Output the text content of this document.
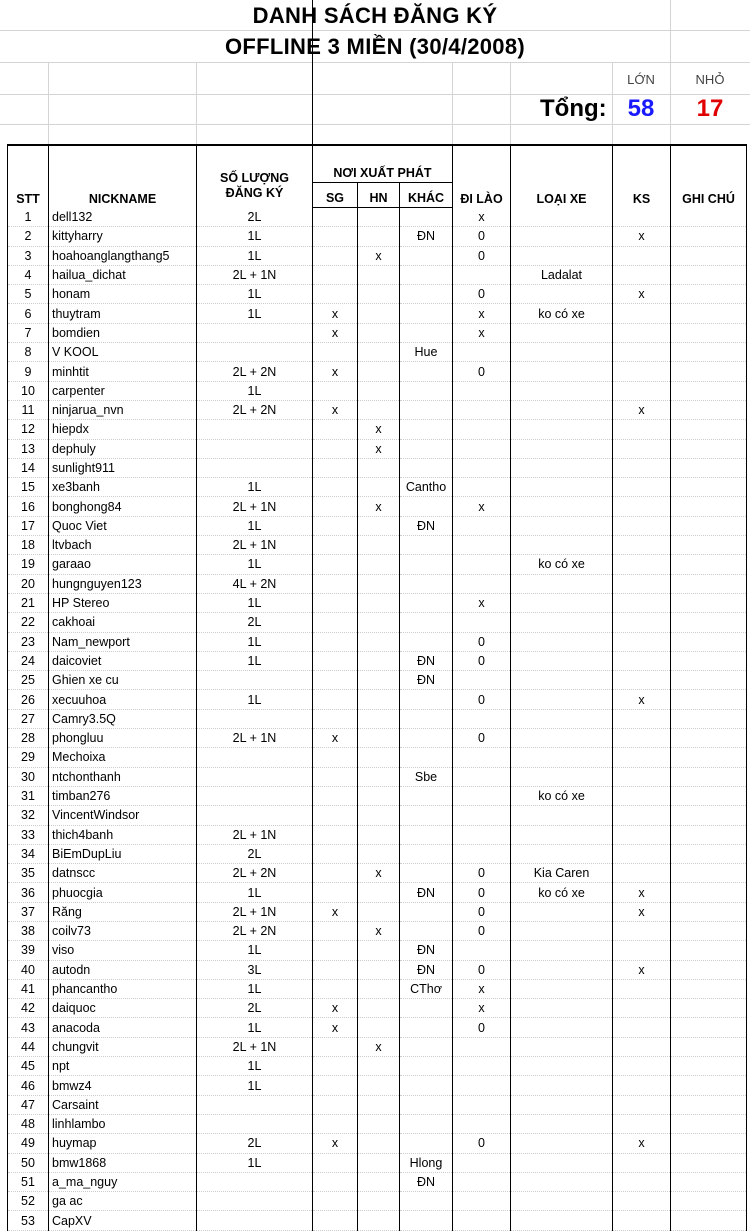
DANH SÁCH ĐĂNG KÝ
OFFLINE 3 MIỀN (30/4/2008)
LỚN	NHỎ
Tổng: 58	17
STT	NICKNAME	SỐ LƯỢNG
ĐĂNG KÝ	NƠI XUẤT PHÁT			ĐI LÀO	LOẠI XE	KS	GHI CHÚ
			SG	HN	KHÁC				
1	dell132	2L				x			
2	kittyharry	1L			ĐN	0		x	
3	hoahoanglangthang5	1L		x		0			
4	hailua_dichat	2L + 1N					Ladalat		
5	honam	1L				0		x	
6	thuytram	1L	x			x	ko có xe		
7	bomdien		x			x			
8	V KOOL				Hue				
9	minhtit	2L + 2N	x			0			
10	carpenter	1L							
11	ninjarua_nvn	2L + 2N	x					x	
12	hiepdx			x					
13	dephuly			x					
14	sunlight911								
15	xe3banh	1L			Cantho				
16	bonghong84	2L + 1N		x		x			
17	Quoc Viet	1L			ĐN				
18	ltvbach	2L + 1N							
19	garaao	1L					ko có xe		
20	hungnguyen123	4L + 2N							
21	HP Stereo	1L				x			
22	cakhoai	2L							
23	Nam_newport	1L				0			
24	daicoviet	1L			ĐN	0			
25	Ghien xe cu				ĐN				
26	xecuuhoa	1L				0		x	
27	Camry3.5Q								
28	phongluu	2L + 1N	x			0			
29	Mechoixa								
30	ntchonthanh				Sbe				
31	timban276						ko có xe		
32	VincentWindsor								
33	thich4banh	2L + 1N							
34	BiEmDupLiu	2L							
35	datnscc	2L + 2N		x		0	Kia Caren		
36	phuocgia	1L			ĐN	0	ko có xe	x	
37	Răng	2L + 1N	x			0		x	
38	coilv73	2L + 2N		x		0			
39	viso	1L			ĐN				
40	autodn	3L			ĐN	0		x	
41	phancantho	1L			CThơ	x			
42	daiquoc	2L	x			x			
43	anacoda	1L	x			0			
44	chungvit	2L + 1N		x					
45	npt	1L							
46	bmwz4	1L							
47	Carsaint								
48	linhlambo								
49	huymap	2L	x			0		x	
50	bmw1868	1L			Hlong				
51	a_ma_nguy				ĐN				
52	ga ac								
53	CapXV								
